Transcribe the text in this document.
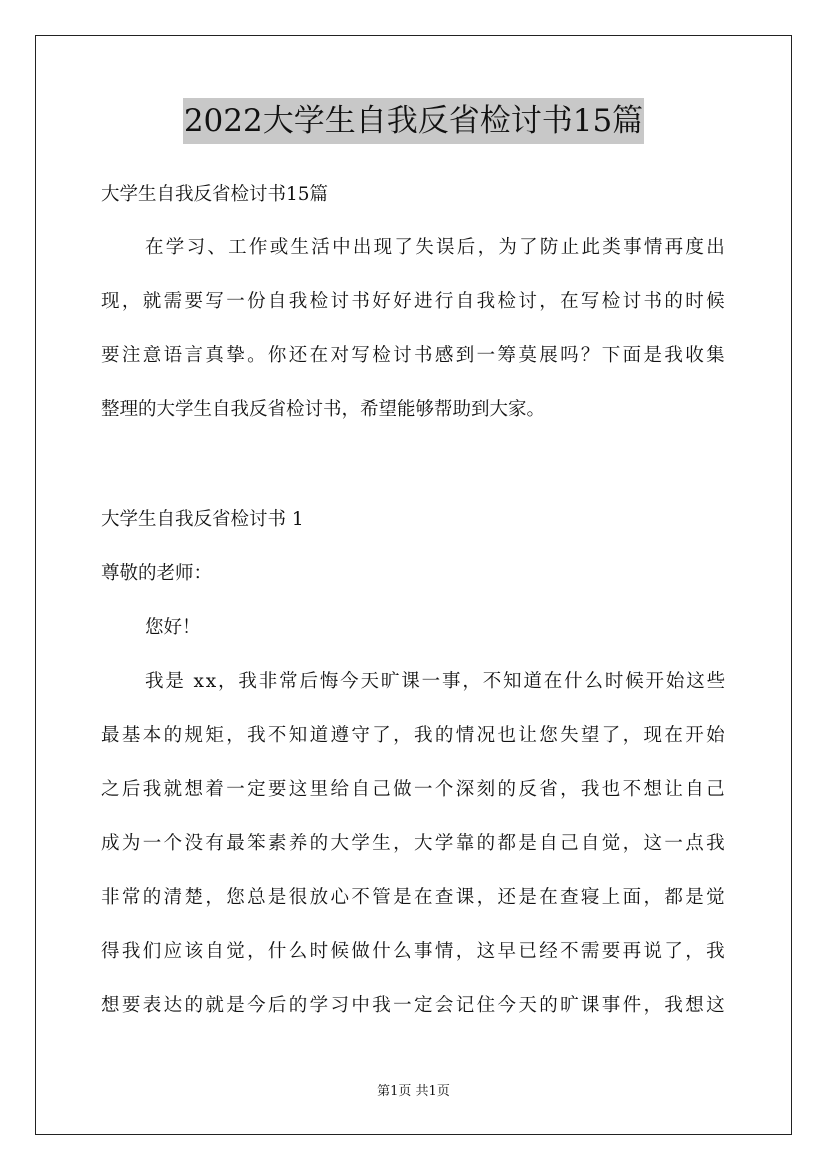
2022大学生自我反省检讨书15篇
大学生自我反省检讨书15篇
在学习、工作或生活中出现了失误后，为了防止此类事情再度出
现，就需要写一份自我检讨书好好进行自我检讨，在写检讨书的时候
要注意语言真挚。你还在对写检讨书感到一筹莫展吗？下面是我收集
整理的大学生自我反省检讨书，希望能够帮助到大家。
大学生自我反省检讨书 1
尊敬的老师：
您好！
我是 xx，我非常后悔今天旷课一事，不知道在什么时候开始这些
最基本的规矩，我不知道遵守了，我的情况也让您失望了，现在开始
之后我就想着一定要这里给自己做一个深刻的反省，我也不想让自己
成为一个没有最笨素养的大学生，大学靠的都是自己自觉，这一点我
非常的清楚，您总是很放心不管是在查课，还是在查寝上面，都是觉
得我们应该自觉，什么时候做什么事情，这早已经不需要再说了，我
想要表达的就是今后的学习中我一定会记住今天的旷课事件，我想这
第1页 共1页
